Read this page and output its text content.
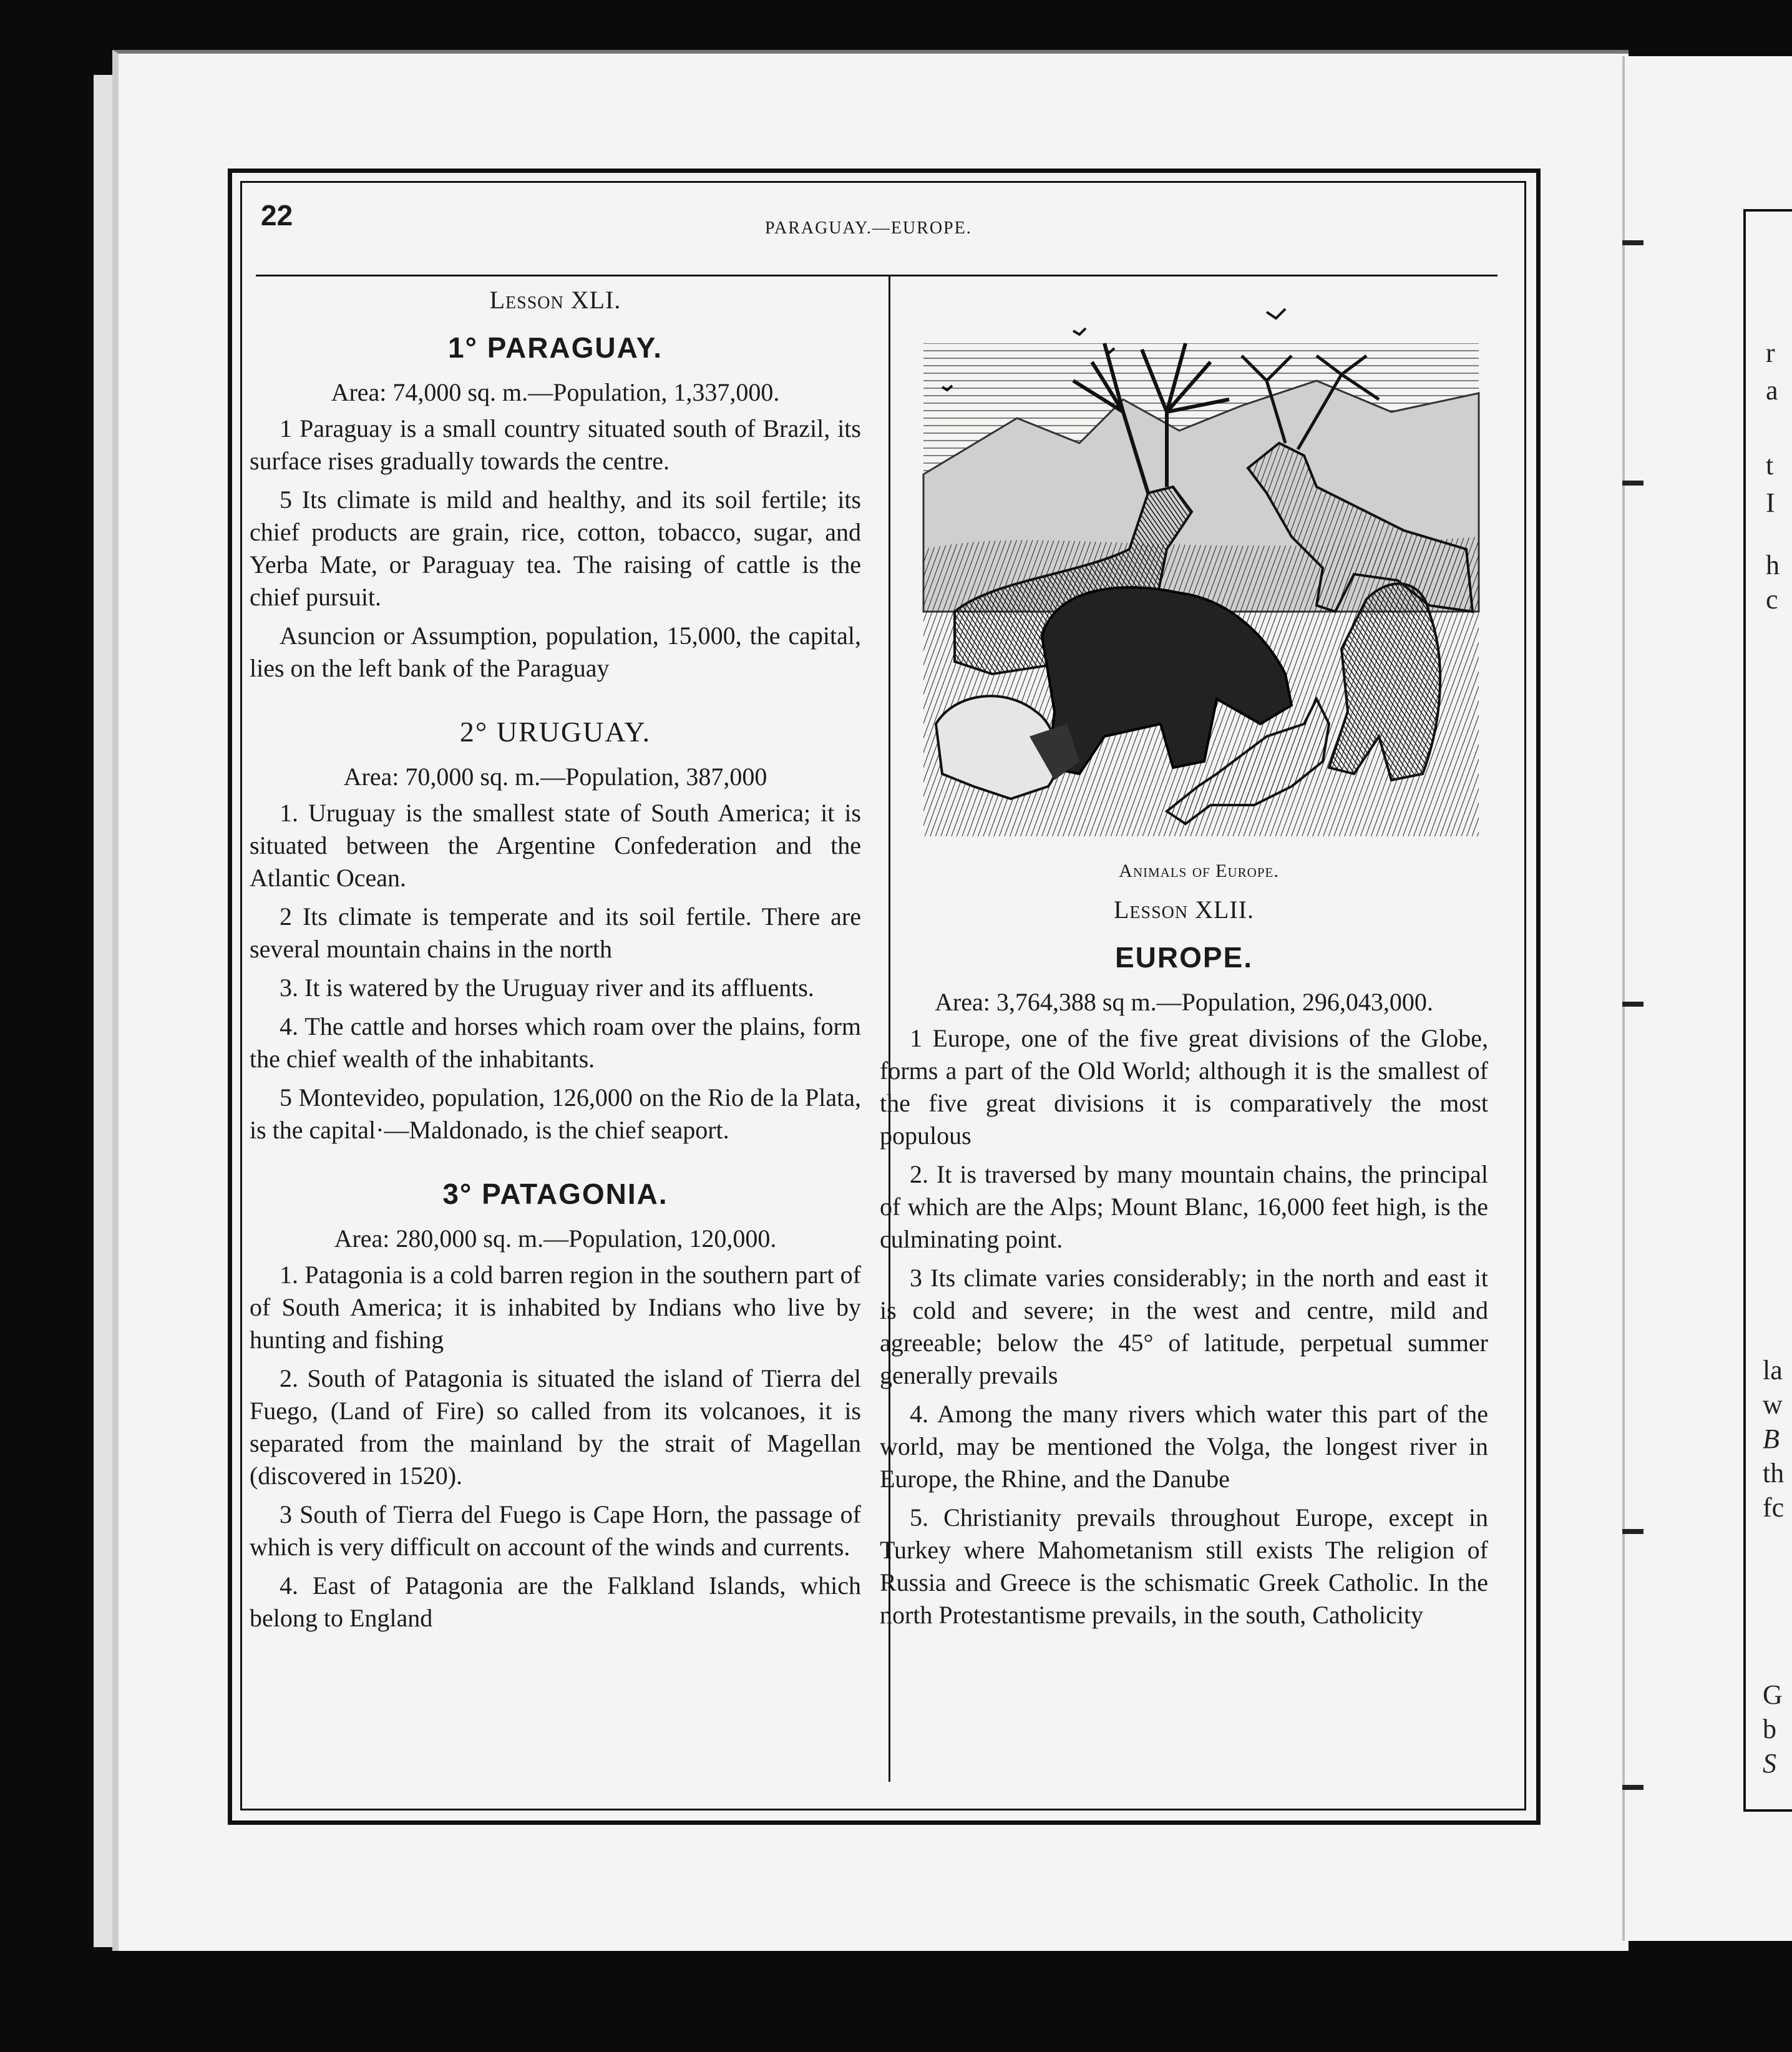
r
a
t
I
h
c
la
w
B
th
fc
G
b
S
22	PARAGUAY.—EUROPE.

Lesson XLI.

1° PARAGUAY.

Area: 74,000 sq. m.—Population, 1,337,000.

1 Paraguay is a small country situated south of Brazil, its surface rises gradually towards the centre.

5 Its climate is mild and healthy, and its soil fertile; its chief products are grain, rice, cotton, tobacco, sugar, and Yerba Mate, or Paraguay tea. The raising of cattle is the chief pursuit.

Asuncion or Assumption, population, 15,000, the capital, lies on the left bank of the Paraguay

2° URUGUAY.

Area: 70,000 sq. m.—Population, 387,000

1. Uruguay is the smallest state of South America; it is situated between the Argentine Confederation and the Atlantic Ocean.

2 Its climate is temperate and its soil fertile. There are several mountain chains in the north

3. It is watered by the Uruguay river and its affluents.

4. The cattle and horses which roam over the plains, form the chief wealth of the inhabitants.

5 Montevideo, population, 126,000 on the Rio de la Plata, is the capital·—Maldonado, is the chief seaport.

3° PATAGONIA.

Area: 280,000 sq. m.—Population, 120,000.

1. Patagonia is a cold barren region in the southern part of of South America; it is inhabited by Indians who live by hunting and fishing

2. South of Patagonia is situated the island of Tierra del Fuego, (Land of Fire) so called from its volcanoes, it is separated from the mainland by the strait of Magellan (discovered in 1520).

3 South of Tierra del Fuego is Cape Horn, the passage of which is very difficult on account of the winds and currents.

4. East of Patagonia are the Falkland Islands, which belong to England

Animals of Europe.

Lesson XLII.

EUROPE.

Area: 3,764,388 sq m.—Population, 296,043,000.

1 Europe, one of the five great divisions of the Globe, forms a part of the Old World; although it is the smallest of the five great divisions it is comparatively the most populous

2. It is traversed by many mountain chains, the principal of which are the Alps; Mount Blanc, 16,000 feet high, is the culminating point.

3 Its climate varies considerably; in the north and east it is cold and severe; in the west and centre, mild and agreeable; below the 45° of latitude, perpetual summer generally prevails

4. Among the many rivers which water this part of the world, may be mentioned the Volga, the longest river in Europe, the Rhine, and the Danube

5. Christianity prevails throughout Europe, except in Turkey where Mahometanism still exists The religion of Russia and Greece is the schismatic Greek Catholic. In the north Protestantisme prevails, in the south, Catholicity
